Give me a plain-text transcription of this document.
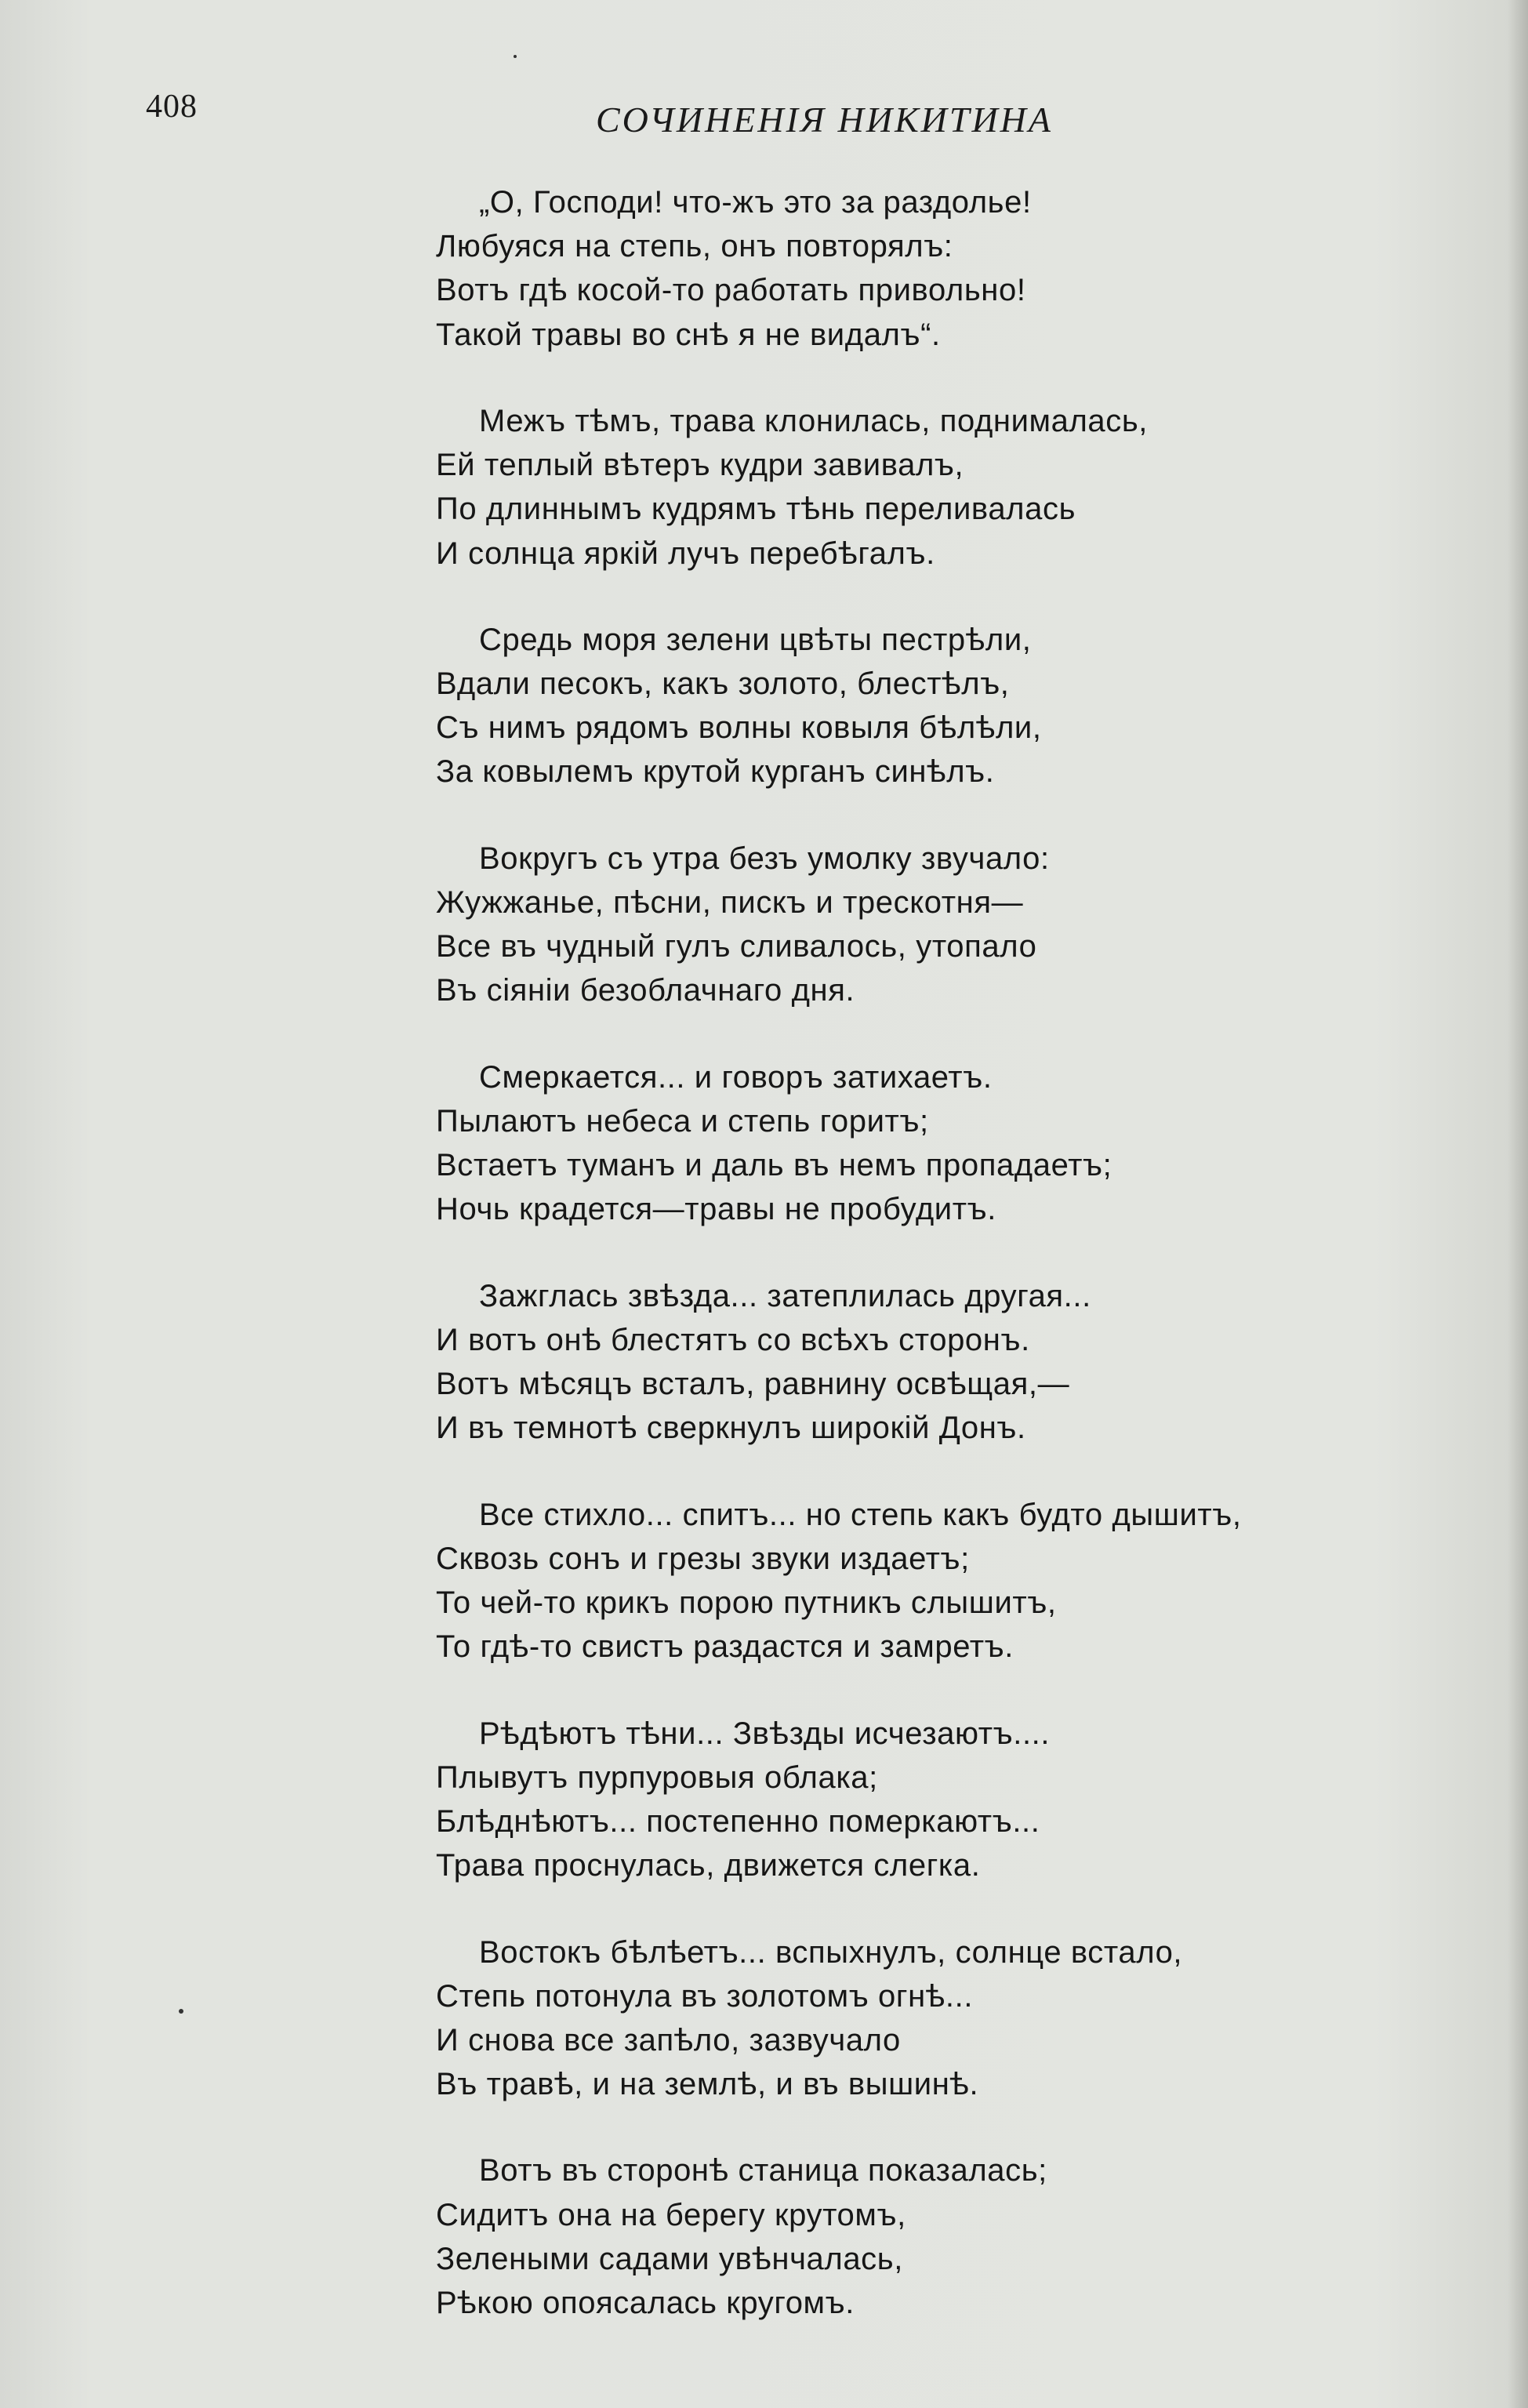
408	СОЧИНЕНІЯ НИКИТИНА
„О, Господи! что-жъ это за раздолье!
Любуяся на степь, онъ повторялъ:
Вотъ гдѣ косой-то работать привольно!
Такой травы во снѣ я не видалъ“.
Межъ тѣмъ, трава клонилась, поднималась,
Ей теплый вѣтеръ кудри завивалъ,
По длиннымъ кудрямъ тѣнь переливалась
И солнца яркій лучъ перебѣгалъ.
Средь моря зелени цвѣты пестрѣли,
Вдали песокъ, какъ золото, блестѣлъ,
Съ нимъ рядомъ волны ковыля бѣлѣли,
За ковылемъ крутой курганъ синѣлъ.
Вокругъ съ утра безъ умолку звучало:
Жужжанье, пѣсни, пискъ и трескотня—
Все въ чудный гулъ сливалось, утопало
Въ сіяніи безоблачнаго дня.
Смеркается... и говоръ затихаетъ.
Пылаютъ небеса и степь горитъ;
Встаетъ туманъ и даль въ немъ пропадаетъ;
Ночь крадется—травы не пробудитъ.
Зажглась звѣзда... затеплилась другая...
И вотъ онѣ блестятъ со всѣхъ сторонъ.
Вотъ мѣсяцъ всталъ, равнину освѣщая,—
И въ темнотѣ сверкнулъ широкій Донъ.
Все стихло... спитъ... но степь какъ будто дышитъ,
Сквозь сонъ и грезы звуки издаетъ;
То чей-то крикъ порою путникъ слышитъ,
То гдѣ-то свистъ раздастся и замретъ.
Рѣдѣютъ тѣни... Звѣзды исчезаютъ....
Плывутъ пурпуровыя облака;
Блѣднѣютъ... постепенно померкаютъ...
Трава проснулась, движется слегка.
Востокъ бѣлѣетъ... вспыхнулъ, солнце встало,
Степь потонула въ золотомъ огнѣ...
И снова все запѣло, зазвучало
Въ травѣ, и на землѣ, и въ вышинѣ.
Вотъ въ сторонѣ станица показалась;
Сидитъ она на берегу крутомъ,
Зелеными садами увѣнчалась,
Рѣкою опоясалась кругомъ.
